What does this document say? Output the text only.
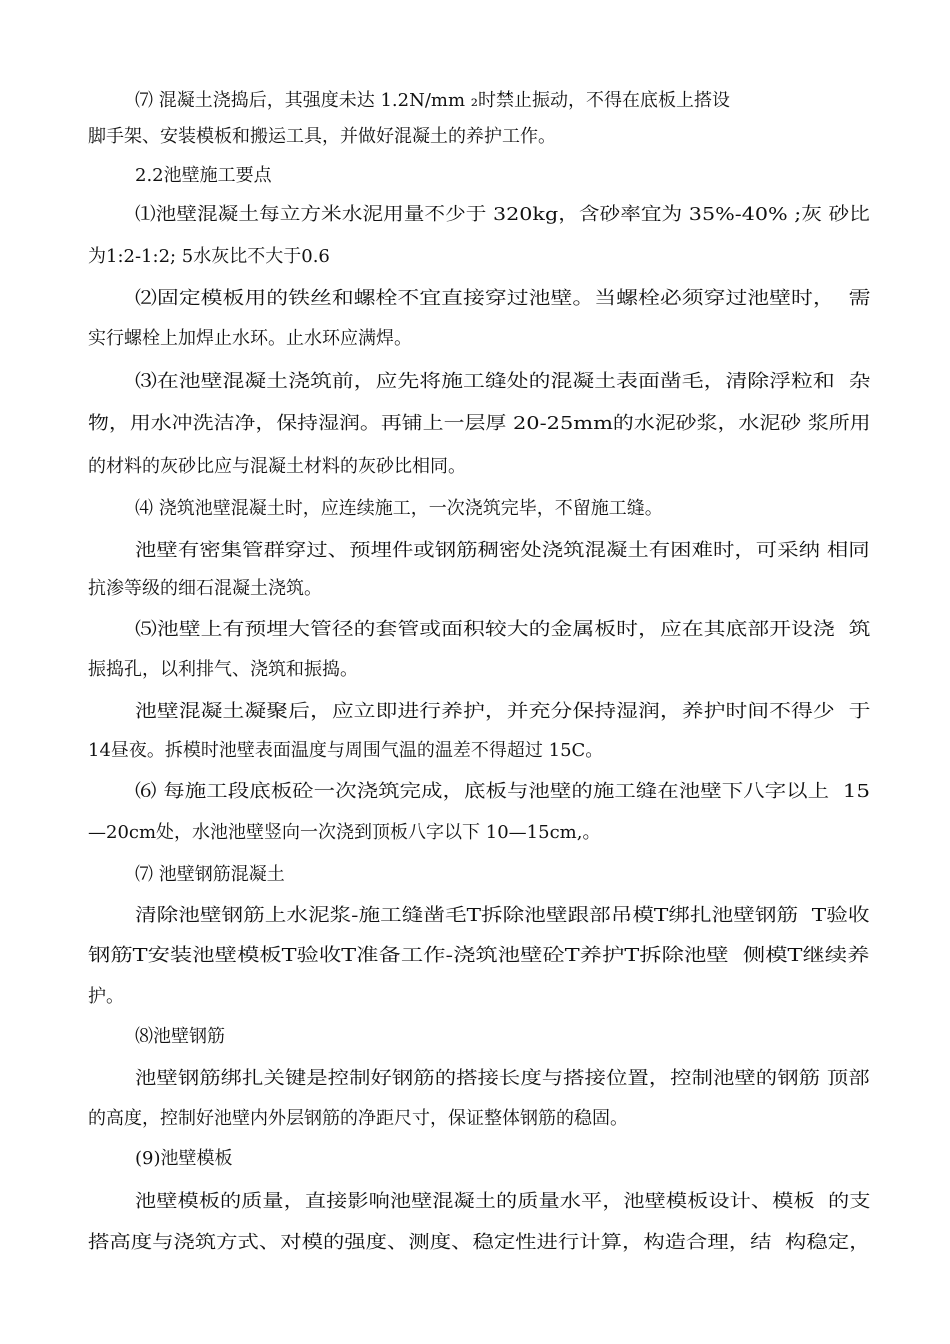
⑺ 混凝土浇捣后，其强度未达 1.2N/mm ₂时禁止振动，不得在底板上搭设
脚手架、安装模板和搬运工具，并做好混凝土的养护工作。
2.2池壁施工要点
⑴池壁混凝土每立方米水泥用量不少于 320kg，含砂率宜为 35%-40% ;灰 砂比
为1:2-1:2; 5水灰比不大于0.6
⑵固定模板用的铁丝和螺栓不宜直接穿过池壁。当螺栓必须穿过池壁时，  需
实行螺栓上加焊止水环。止水环应满焊。
⑶在池壁混凝土浇筑前，应先将施工缝处的混凝土表面凿毛，清除浮粒和  杂
物，用水冲洗洁净，保持湿润。再铺上一层厚 20-25mm的水泥砂浆，水泥砂 浆所用
的材料的灰砂比应与混凝土材料的灰砂比相同。
⑷ 浇筑池壁混凝土时，应连续施工，一次浇筑完毕，不留施工缝。
池壁有密集管群穿过、预埋件或钢筋稠密处浇筑混凝土有困难时，可采纳 相同
抗渗等级的细石混凝土浇筑。
⑸池壁上有预埋大管径的套管或面积较大的金属板时，应在其底部开设浇  筑
振捣孔，以利排气、浇筑和振捣。
池壁混凝土凝聚后，应立即进行养护，并充分保持湿润，养护时间不得少  于
14昼夜。拆模时池壁表面温度与周围气温的温差不得超过 15C。
⑹ 每施工段底板砼一次浇筑完成，底板与池壁的施工缝在池壁下八字以上  15
—20cm处，水池池壁竖向一次浇到顶板八字以下 10—15cm,。
⑺ 池壁钢筋混凝土
清除池壁钢筋上水泥浆-施工缝凿毛T拆除池壁跟部吊模T绑扎池壁钢筋  T验收
钢筋T安装池壁模板T验收T准备工作-浇筑池壁砼T养护T拆除池壁  侧模T继续养
护。
⑻池壁钢筋
池壁钢筋绑扎关键是控制好钢筋的搭接长度与搭接位置，控制池壁的钢筋 顶部
的高度，控制好池壁内外层钢筋的净距尺寸，保证整体钢筋的稳固。
(9)池壁模板
池壁模板的质量，直接影响池壁混凝土的质量水平，池壁模板设计、模板  的支
搭高度与浇筑方式、对模的强度、测度、稳定性进行计算，构造合理，结  构稳定，
